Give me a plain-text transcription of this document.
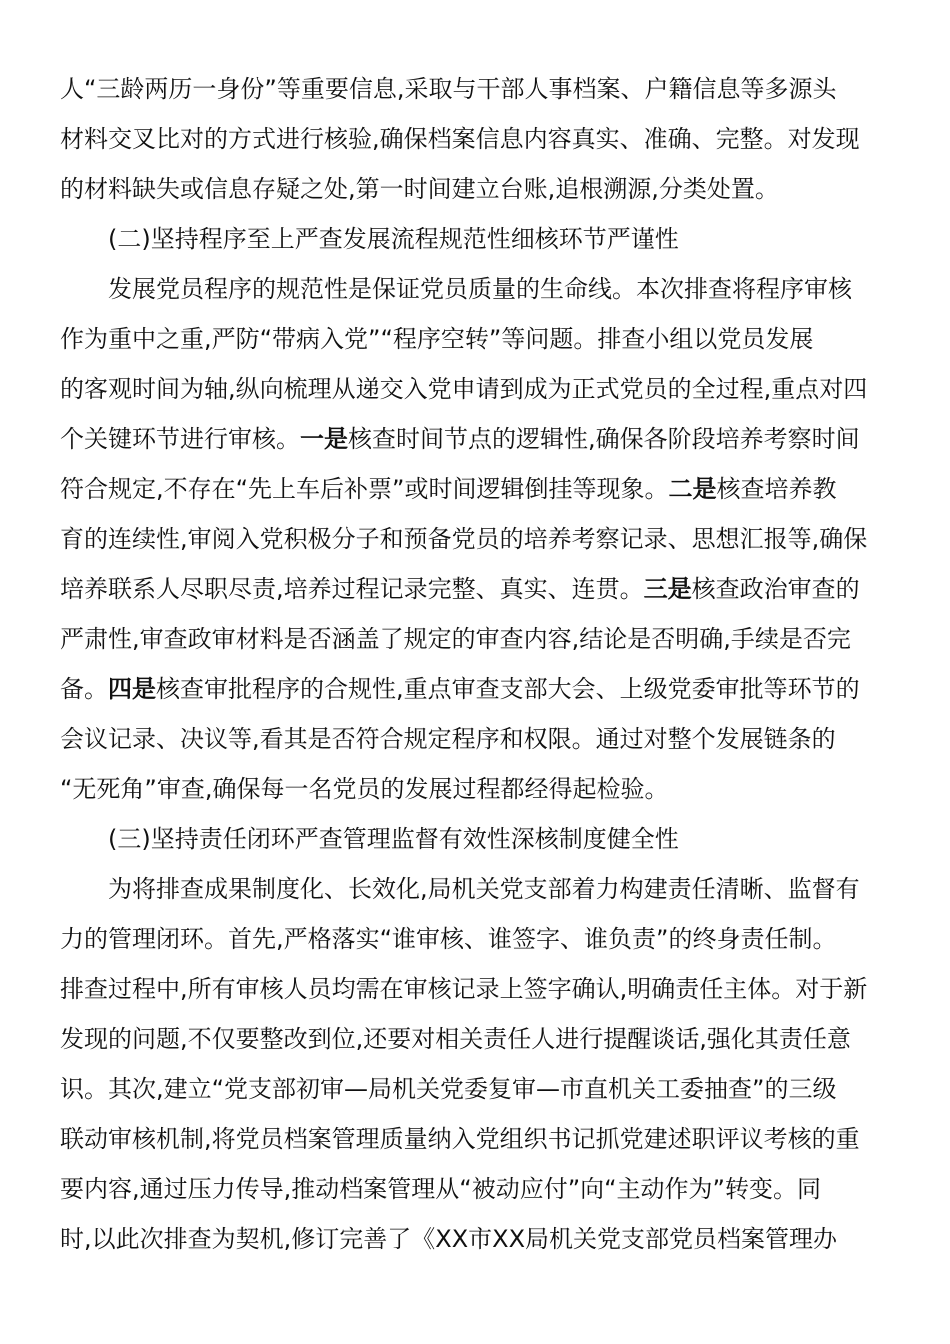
人“三龄两历一身份”等重要信息,采取与干部人事档案、户籍信息等多源头
材料交叉比对的方式进行核验,确保档案信息内容真实、准确、完整。对发现
的材料缺失或信息存疑之处,第一时间建立台账,追根溯源,分类处置。
　　(二)坚持程序至上严查发展流程规范性细核环节严谨性
　　发展党员程序的规范性是保证党员质量的生命线。本次排查将程序审核
作为重中之重,严防“带病入党”“程序空转”等问题。排查小组以党员发展
的客观时间为轴,纵向梳理从递交入党申请到成为正式党员的全过程,重点对四
个关键环节进行审核。一是核查时间节点的逻辑性,确保各阶段培养考察时间
符合规定,不存在“先上车后补票”或时间逻辑倒挂等现象。二是核查培养教
育的连续性,审阅入党积极分子和预备党员的培养考察记录、思想汇报等,确保
培养联系人尽职尽责,培养过程记录完整、真实、连贯。三是核查政治审查的
严肃性,审查政审材料是否涵盖了规定的审查内容,结论是否明确,手续是否完
备。四是核查审批程序的合规性,重点审查支部大会、上级党委审批等环节的
会议记录、决议等,看其是否符合规定程序和权限。通过对整个发展链条的
“无死角”审查,确保每一名党员的发展过程都经得起检验。
　　(三)坚持责任闭环严查管理监督有效性深核制度健全性
　　为将排查成果制度化、长效化,局机关党支部着力构建责任清晰、监督有
力的管理闭环。首先,严格落实“谁审核、谁签字、谁负责”的终身责任制。
排查过程中,所有审核人员均需在审核记录上签字确认,明确责任主体。对于新
发现的问题,不仅要整改到位,还要对相关责任人进行提醒谈话,强化其责任意
识。其次,建立“党支部初审—局机关党委复审—市直机关工委抽查”的三级
联动审核机制,将党员档案管理质量纳入党组织书记抓党建述职评议考核的重
要内容,通过压力传导,推动档案管理从“被动应付”向“主动作为”转变。同
时,以此次排查为契机,修订完善了《XX市XX局机关党支部党员档案管理办
